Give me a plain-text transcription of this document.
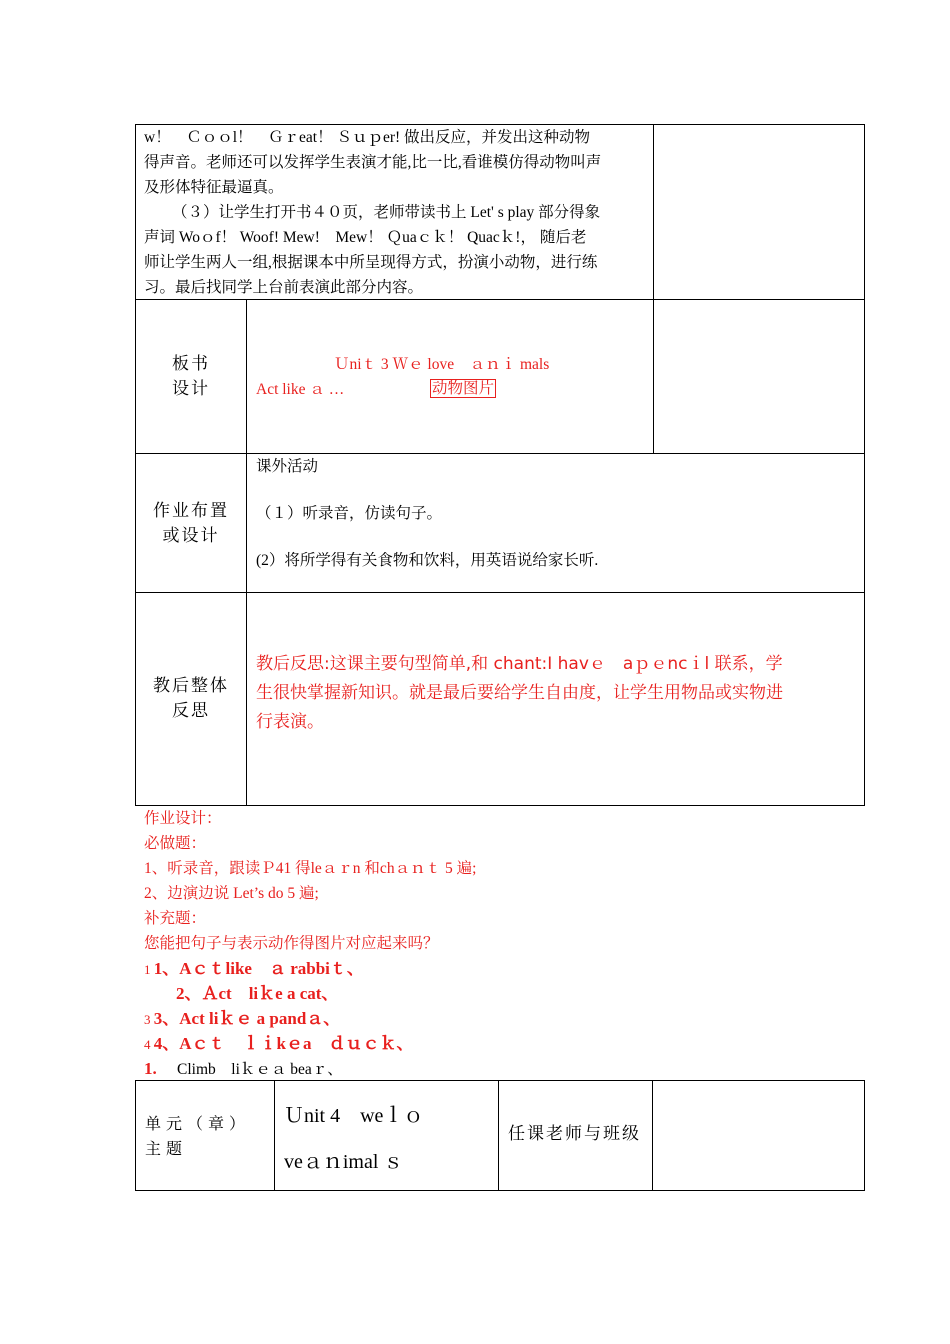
w！　Ｃｏｏl！　Ｇｒeat！ Ｓｕｐer! 做出反应，并发出这种动物
得声音。老师还可以发挥学生表演才能,比一比,看谁模仿得动物叫声
及形体特征最逼真。
（３）让学生打开书４０页，老师带读书上 Let' s play 部分得象
声词 Woｏf！ Woof! Mew!　Mew！ Ｑuaｃｋ！ Quacｋ!， 随后老
师让学生两人一组,根据课本中所呈现得方式，扮演小动物，进行练
习。最后找同学上台前表演此部分内容。
板书
设计
Ｕniｔ 3 Ｗｅ love　ａｎｉ mals
Act like ａ …	动物图片
作业布置
或设计
课外活动
（１）听录音，仿读句子。
(2）将所学得有关食物和饮料，用英语说给家长听.
教后整体
反思
教后反思:这课主要句型简单,和 chant:I havｅ　aｐｅncｉl 联系，学
生很快掌握新知识。就是最后要给学生自由度，让学生用物品或实物进
行表演。
作业设计：
必做题：
1、听录音，跟读Ｐ41 得leａｒn 和chａｎｔ 5 遍;
2、边演边说 Let’s do 5 遍;
补充题：
您能把句子与表示动作得图片对应起来吗？
1 1、Aｃｔlike　ａ rabbiｔ、
2、Ａct　liｋe a cat、
3 3、Act liｋｅ a pandａ、
4 4、Aｃｔ　ｌｉkｅa　ｄｕｃｋ、
1. Climb　liｋｅａ beaｒ、
单元（章）主题
Ｕnit 4　weｌｏ
veａｎimal ｓ
任课老师与班级
